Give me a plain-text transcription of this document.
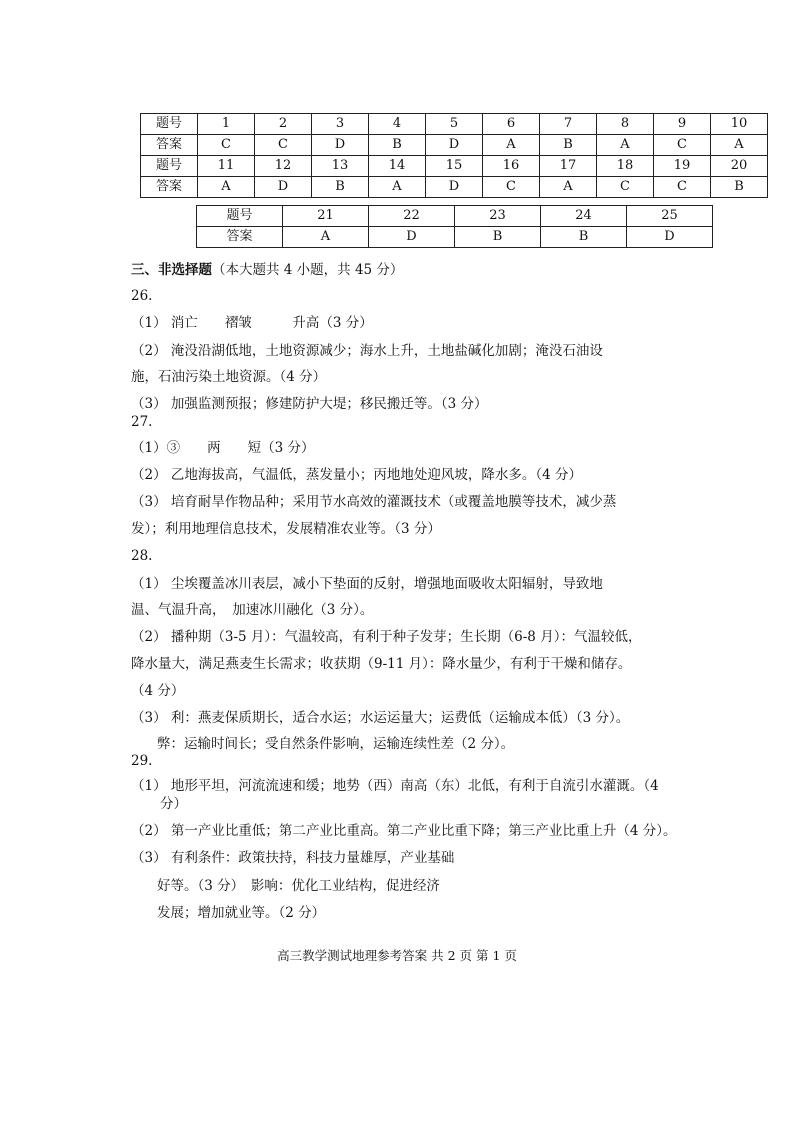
题号	1	2	3	4	5	6	7	8	9	10
答案	C	C	D	B	D	A	B	A	C	A
题号	11	12	13	14	15	16	17	18	19	20
答案	A	D	B	A	D	C	A	C	C	B
题号	21	22	23	24	25
答案	A	D	B	B	D
三、非选择题（本大题共 4 小题，共 45 分）
26.
（1） 消亡　　褶皱　　　升高（3 分）
（2） 淹没沿湖低地，土地资源减少；海水上升，土地盐碱化加剧；淹没石油设
施，石油污染土地资源。（4 分）
（3） 加强监测预报；修建防护大堤；移民搬迁等。（3 分）
27.
（1）③　　两　　短（3 分）
（2） 乙地海拔高，气温低，蒸发量小；丙地地处迎风坡，降水多。（4 分）
（3） 培育耐旱作物品种；采用节水高效的灌溉技术（或覆盖地膜等技术，减少蒸
发）；利用地理信息技术，发展精准农业等。（3 分）
28.
（1） 尘埃覆盖冰川表层，减小下垫面的反射，增强地面吸收太阳辐射，导致地
温、气温升高，　加速冰川融化（3 分）。
（2） 播种期（3-5 月）：气温较高，有利于种子发芽；生长期（6-8 月）：气温较低，
降水量大，满足燕麦生长需求；收获期（9-11 月）：降水量少，有利于干燥和储存。
（4 分）
（3） 利：燕麦保质期长，适合水运；水运运量大；运费低（运输成本低）（3 分）。
弊：运输时间长；受自然条件影响，运输连续性差（2 分）。
29.
（1） 地形平坦，河流流速和缓；地势（西）南高（东）北低，有利于自流引水灌溉。（4
分）
（2） 第一产业比重低；第二产业比重高。第二产业比重下降；第三产业比重上升（4 分）。
（3） 有利条件：政策扶持，科技力量雄厚，产业基础
好等。（3 分）　影响：优化工业结构，促进经济
发展；增加就业等。（2 分）
高三教学测试地理参考答案 共 2 页 第 1 页
